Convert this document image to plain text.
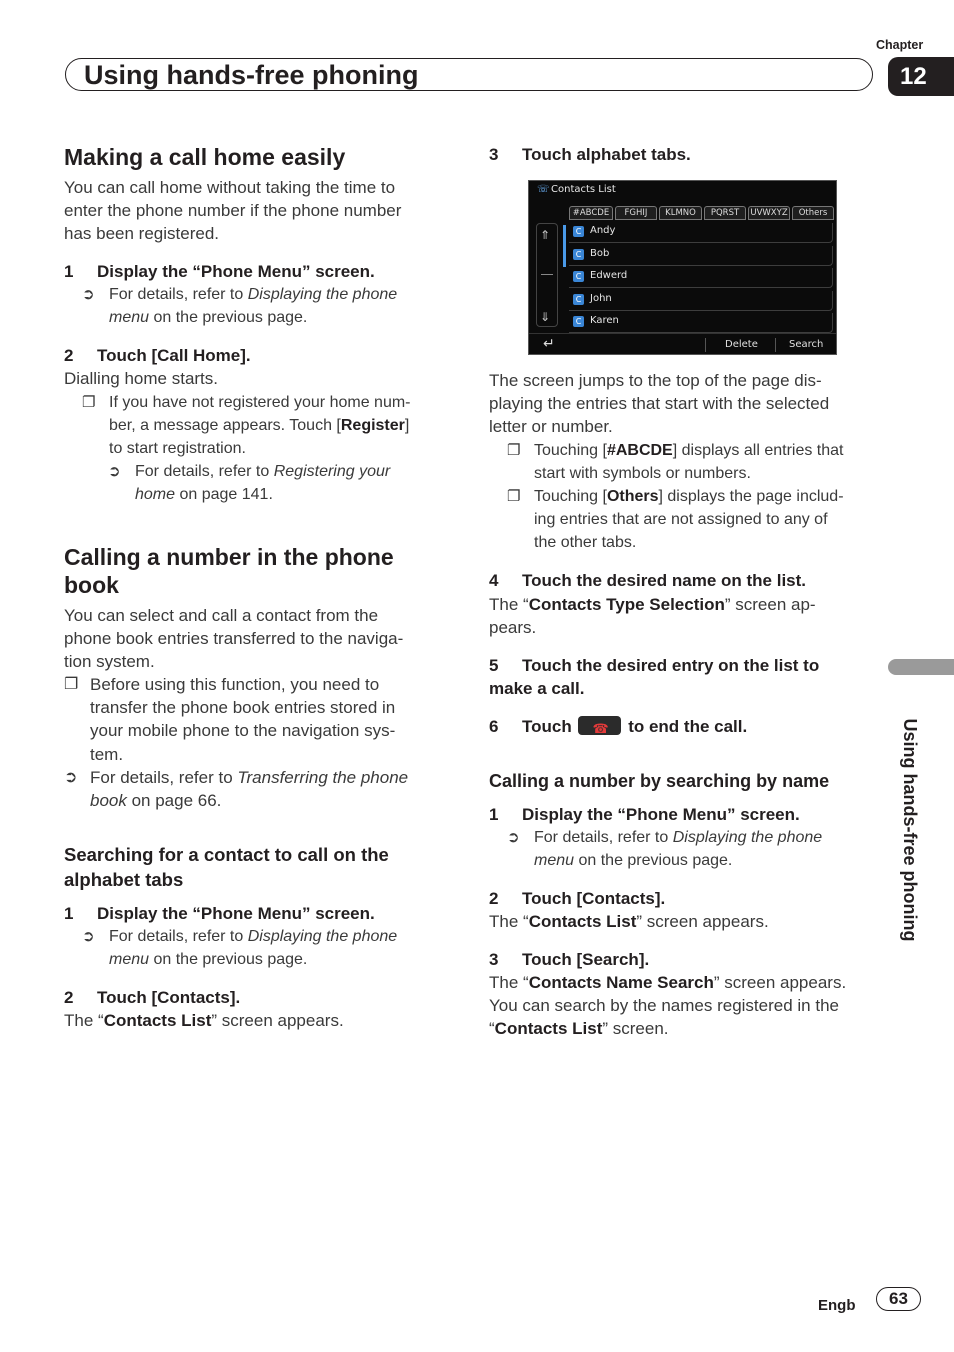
Using hands-free phoning
Chapter
12
Using hands-free phoning
Making a call home easily
You can call home without taking the time to
enter the phone number if the phone number
has been registered.
1 Display the “Phone Menu” screen.
➲ For details, refer to Displaying the phone
menu on the previous page.
2 Touch [Call Home].
Dialling home starts.
❐ If you have not registered your home num-
ber, a message appears. Touch [Register]
to start registration.
➲ For details, refer to Registering your
home on page 141.
Calling a number in the phone
book
You can select and call a contact from the
phone book entries transferred to the naviga-
tion system.
❐ Before using this function, you need to
transfer the phone book entries stored in
your mobile phone to the navigation sys-
tem.
➲ For details, refer to Transferring the phone
book on page 66.
Searching for a contact to call on the
alphabet tabs
1 Display the “Phone Menu” screen.
➲ For details, refer to Displaying the phone
menu on the previous page.
2 Touch [Contacts].
The “Contacts List” screen appears.
3 Touch alphabet tabs.
☏Contacts List
#ABCDE	FGHIJ	KLMNO	PQRST	UVWXYZ	Others
⇑
⇓
C Andy
C Bob
C Edwerd
C John
C Karen
↵	Delete	Search
The screen jumps to the top of the page dis-
playing the entries that start with the selected
letter or number.
❐ Touching [#ABCDE] displays all entries that
start with symbols or numbers.
❐ Touching [Others] displays the page includ-
ing entries that are not assigned to any of
the other tabs.
4 Touch the desired name on the list.
The “Contacts Type Selection” screen ap-
pears.
5 Touch the desired entry on the list to
make a call.
6 Touch ☎ to end the call.
Calling a number by searching by name
1 Display the “Phone Menu” screen.
➲ For details, refer to Displaying the phone
menu on the previous page.
2 Touch [Contacts].
The “Contacts List” screen appears.
3 Touch [Search].
The “Contacts Name Search” screen appears.
You can search by the names registered in the
“Contacts List” screen.
Engb	63
